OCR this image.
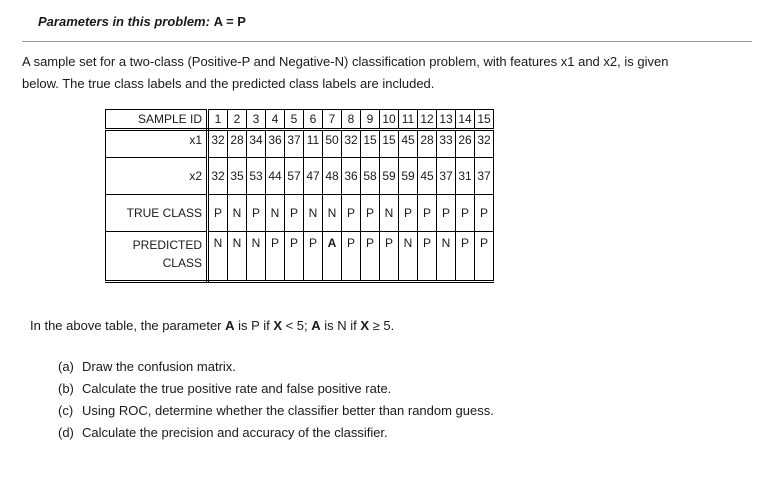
Parameters in this problem: A = P
A sample set for a two-class (Positive-P and Negative-N) classification problem, with features x1 and x2, is given
below. The true class labels and the predicted class labels are included.
SAMPLE ID	1	2	3	4	5	6	7	8	9	10	11	12	13	14	15
x1	32	28	34	36	37	11	50	32	15	15	45	28	33	26	32
x2	32	35	53	44	57	47	48	36	58	59	59	45	37	31	37
TRUE CLASS	P	N	P	N	P	N	N	P	P	N	P	P	P	P	P

PREDICTED
CLASS	N	N	N	P	P	P	A	P	P	P	N	P	N	P	P
In the above table, the parameter A is P if X < 5; A is N if X ≥ 5.
(a) Draw the confusion matrix.
(b) Calculate the true positive rate and false positive rate.
(c) Using ROC, determine whether the classifier better than random guess.
(d) Calculate the precision and accuracy of the classifier.
